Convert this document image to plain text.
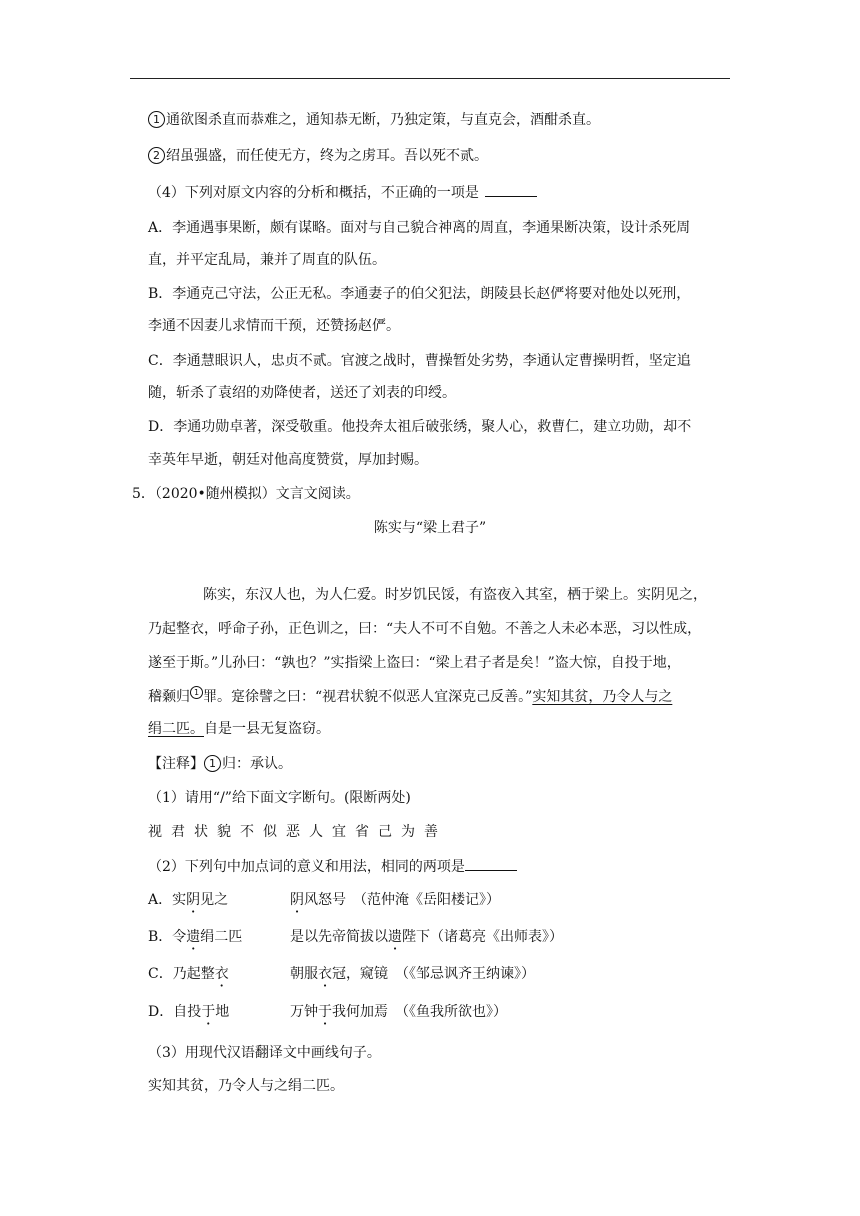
1 通欲图杀直而恭难之，通知恭无断，乃独定策，与直克会，酒酣杀直。
2 绍虽强盛，而任使无方，终为之虏耳。吾以死不贰。
（4）下列对原文内容的分析和概括，不正确的一项是
A．李通遇事果断，颇有谋略。面对与自己貌合神离的周直，李通果断决策，设计杀死周
直，并平定乱局，兼并了周直的队伍。
B．李通克己守法，公正无私。李通妻子的伯父犯法，朗陵县长赵俨将要对他处以死刑，
李通不因妻儿求情而干预，还赞扬赵俨。
C．李通慧眼识人，忠贞不贰。官渡之战时，曹操暂处劣势，李通认定曹操明哲，坚定追
随，斩杀了袁绍的劝降使者，送还了刘表的印绶。
D．李通功勋卓著，深受敬重。他投奔太祖后破张绣，聚人心，救曹仁，建立功勋，却不
幸英年早逝，朝廷对他高度赞赏，厚加封赐。
5．（2020•随州模拟）文言文阅读。
陈实与“梁上君子”
陈实，东汉人也，为人仁爱。时岁饥民馁，有盗夜入其室，栖于梁上。实阴见之，
乃起整衣，呼命子孙，正色训之，曰：“夫人不可不自勉。不善之人未必本恶，习以性成，
遂至于斯。”儿孙曰：“孰也？”实指梁上盗曰：“梁上君子者是矣！”盗大惊，自投于地，
稽颡归 1 罪。寔徐譬之曰：“视君状貌不似恶人宜深克己反善。”实知其贫，乃令人与之
绢二匹。自是一县无复盗窃。
【注释】 1 归：承认。
（1）请用“/”给下面文字断句。(限断两处)
视君状貌不似恶人宜省己为善
（2）下列句中加点词的意义和用法，相同的两项是
A．实阴见之	阴风怒号　（范仲淹《岳阳楼记》）
B．令遗绢二匹	是以先帝简拔以遗陛下（诸葛亮《出师表》）
C．乃起整衣	朝服衣冠，窥镜　（《邹忌讽齐王纳谏》）
D．自投于地	万钟于我何加焉　（《鱼我所欲也》）
（3）用现代汉语翻译文中画线句子。
实知其贫，乃令人与之绢二匹。
